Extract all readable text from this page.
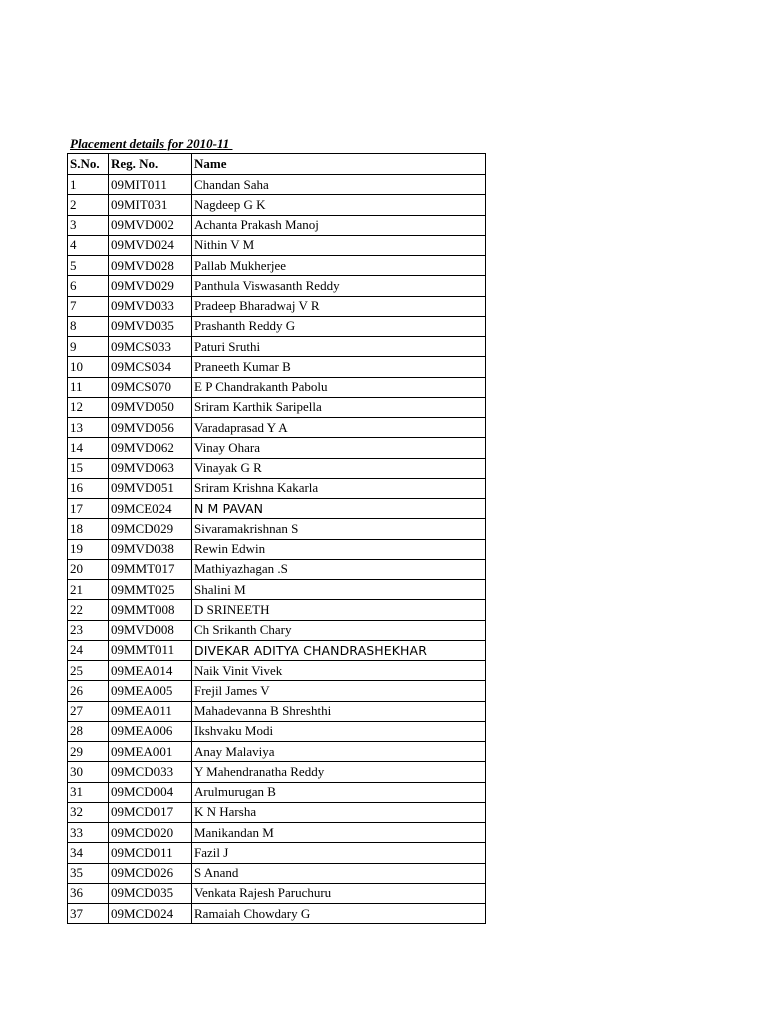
Placement details for 2010-11
S.No.	Reg. No.	Name
1	09MIT011	Chandan Saha
2	09MIT031	Nagdeep G K
3	09MVD002	Achanta Prakash Manoj
4	09MVD024	Nithin V M
5	09MVD028	Pallab Mukherjee
6	09MVD029	Panthula Viswasanth Reddy
7	09MVD033	Pradeep Bharadwaj V R
8	09MVD035	Prashanth Reddy G
9	09MCS033	Paturi Sruthi
10	09MCS034	Praneeth Kumar B
11	09MCS070	E P Chandrakanth Pabolu
12	09MVD050	Sriram Karthik Saripella
13	09MVD056	Varadaprasad Y A
14	09MVD062	Vinay Ohara
15	09MVD063	Vinayak G R
16	09MVD051	Sriram Krishna Kakarla
17	09MCE024	N M PAVAN
18	09MCD029	Sivaramakrishnan S
19	09MVD038	Rewin Edwin
20	09MMT017	Mathiyazhagan .S
21	09MMT025	Shalini M
22	09MMT008	D SRINEETH
23	09MVD008	Ch Srikanth Chary
24	09MMT011	DIVEKAR ADITYA CHANDRASHEKHAR
25	09MEA014	Naik Vinit Vivek
26	09MEA005	Frejil James V
27	09MEA011	Mahadevanna B Shreshthi
28	09MEA006	Ikshvaku Modi
29	09MEA001	Anay Malaviya
30	09MCD033	Y Mahendranatha Reddy
31	09MCD004	Arulmurugan B
32	09MCD017	K N Harsha
33	09MCD020	Manikandan M
34	09MCD011	Fazil J
35	09MCD026	S Anand
36	09MCD035	Venkata Rajesh Paruchuru
37	09MCD024	Ramaiah Chowdary G
